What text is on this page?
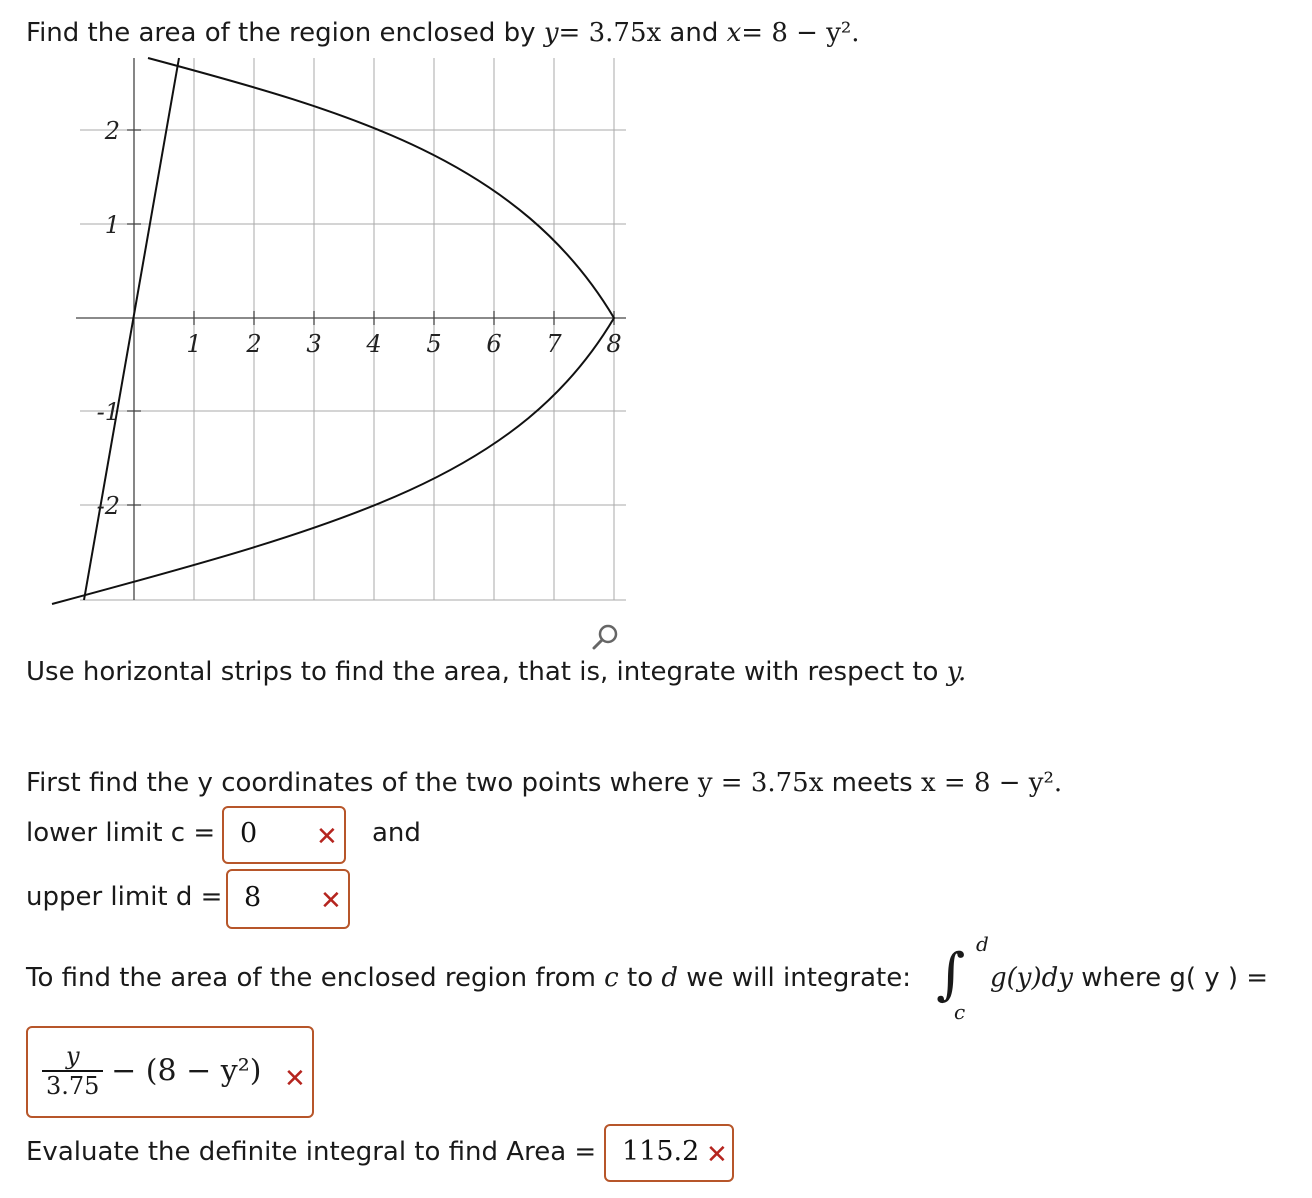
Find the area of the region enclosed by y= 3.75x and x= 8 − y².
1 2 3 4 5 6 7 8
2
1
-1
-2
Use horizontal strips to find the area, that is, integrate with respect to y.
First find the y coordinates of the two points where y = 3.75x meets x = 8 − y².
lower limit c = 0 ✕ and
upper limit d = 8 ✕
To find the area of the enclosed region from c to d we will integrate: ∫ d
c
g(y)dy where g( y ) =
$\frac{y}{3.75} - (8 - y^2)$ ✕
Evaluate the definite integral to find Area = 115.2 ✕
